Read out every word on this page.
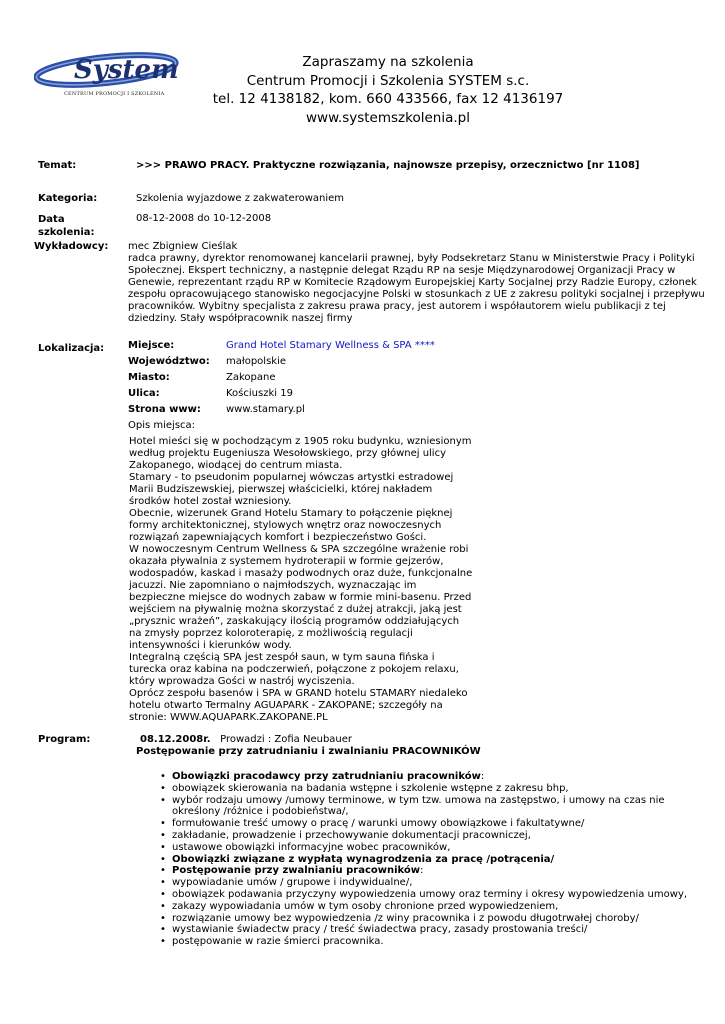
System
CENTRUM PROMOCJI I SZKOLENIA
Zapraszamy na szkolenia
Centrum Promocji i Szkolenia SYSTEM s.c.
tel. 12 4138182, kom. 660 433566, fax 12 4136197
www.systemszkolenia.pl
Temat:	>>> PRAWO PRACY. Praktyczne rozwiązania, najnowsze przepisy, orzecznictwo [nr 1108]
Kategoria:	Szkolenia wyjazdowe z zakwaterowaniem
Data
szkolenia:
08-12-2008 do 10-12-2008
Wykładowcy: mec Zbigniew Cieślak
radca prawny, dyrektor renomowanej kancelarii prawnej, były Podsekretarz Stanu w Ministerstwie Pracy i Polityki
Społecznej. Ekspert techniczny, a następnie delegat Rządu RP na sesje Międzynarodowej Organizacji Pracy w
Genewie, reprezentant rządu RP w Komitecie Rządowym Europejskiej Karty Socjalnej przy Radzie Europy, członek
zespołu opracowującego stanowisko negocjacyjne Polski w stosunkach z UE z zakresu polityki socjalnej i przepływu
pracowników. Wybitny specjalista z zakresu prawa pracy, jest autorem i współautorem wielu publikacji z tej
dziedziny. Stały współpracownik naszej firmy
Lokalizacja: Miejsce:	Grand Hotel Stamary Wellness & SPA ****
Województwo:	małopolskie
Miasto:	Zakopane
Ulica:	Kościuszki 19
Strona www:	www.stamary.pl
Opis miejsca:

Hotel mieści się w pochodzącym z 1905 roku budynku, wzniesionym

według projektu Eugeniusza Wesołowskiego, przy głównej ulicy

Zakopanego, wiodącej do centrum miasta.

Stamary - to pseudonim popularnej wówczas artystki estradowej

Marii Budziszewskiej, pierwszej właścicielki, której nakładem

środków hotel został wzniesiony.

Obecnie, wizerunek Grand Hotelu Stamary to połączenie pięknej

formy architektonicznej, stylowych wnętrz oraz nowoczesnych

rozwiązań zapewniających komfort i bezpieczeństwo Gości.

W nowoczesnym Centrum Wellness & SPA szczególne wrażenie robi

okazała pływalnia z systemem hydroterapii w formie gejzerów,

wodospadów, kaskad i masaży podwodnych oraz duże, funkcjonalne

jacuzzi. Nie zapomniano o najmłodszych, wyznaczając im

bezpieczne miejsce do wodnych zabaw w formie mini-basenu. Przed

wejściem na pływalnię można skorzystać z dużej atrakcji, jaką jest

„prysznic wrażeń”, zaskakujący ilością programów oddziałujących

na zmysły poprzez koloroterapię, z możliwością regulacji

intensywności i kierunków wody.

Integralną częścią SPA jest zespół saun, w tym sauna fińska i

turecka oraz kabina na podczerwień, połączone z pokojem relaxu,

który wprowadza Gości w nastrój wyciszenia.

Oprócz zespołu basenów i SPA w GRAND hotelu STAMARY niedaleko

hotelu otwarto Termalny AGUAPARK - ZAKOPANE; szczegóły na

stronie: WWW.AQUAPARK.ZAKOPANE.PL

Program:	08.12.2008r. Prowadzi : Zofia Neubauer
Postępowanie przy zatrudnianiu i zwalnianiu PRACOWNIKÓW
• Obowiązki pracodawcy przy zatrudnianiu pracowników:
• obowiązek skierowania na badania wstępne i szkolenie wstępne z zakresu bhp,
• wybór rodzaju umowy /umowy terminowe, w tym tzw. umowa na zastępstwo, i umowy na czas nie
określony /różnice i podobieństwa/,
• formułowanie treść umowy o pracę / warunki umowy obowiązkowe i fakultatywne/
• zakładanie, prowadzenie i przechowywanie dokumentacji pracowniczej,
• ustawowe obowiązki informacyjne wobec pracowników,
• Obowiązki związane z wypłatą wynagrodzenia za pracę /potrącenia/
• Postępowanie przy zwalnianiu pracowników:
• wypowiadanie umów / grupowe i indywidualne/,
• obowiązek podawania przyczyny wypowiedzenia umowy oraz terminy i okresy wypowiedzenia umowy,
• zakazy wypowiadania umów w tym osoby chronione przed wypowiedzeniem,
• rozwiązanie umowy bez wypowiedzenia /z winy pracownika i z powodu długotrwałej choroby/
• wystawianie świadectw pracy / treść świadectwa pracy, zasady prostowania treści/
• postępowanie w razie śmierci pracownika.
